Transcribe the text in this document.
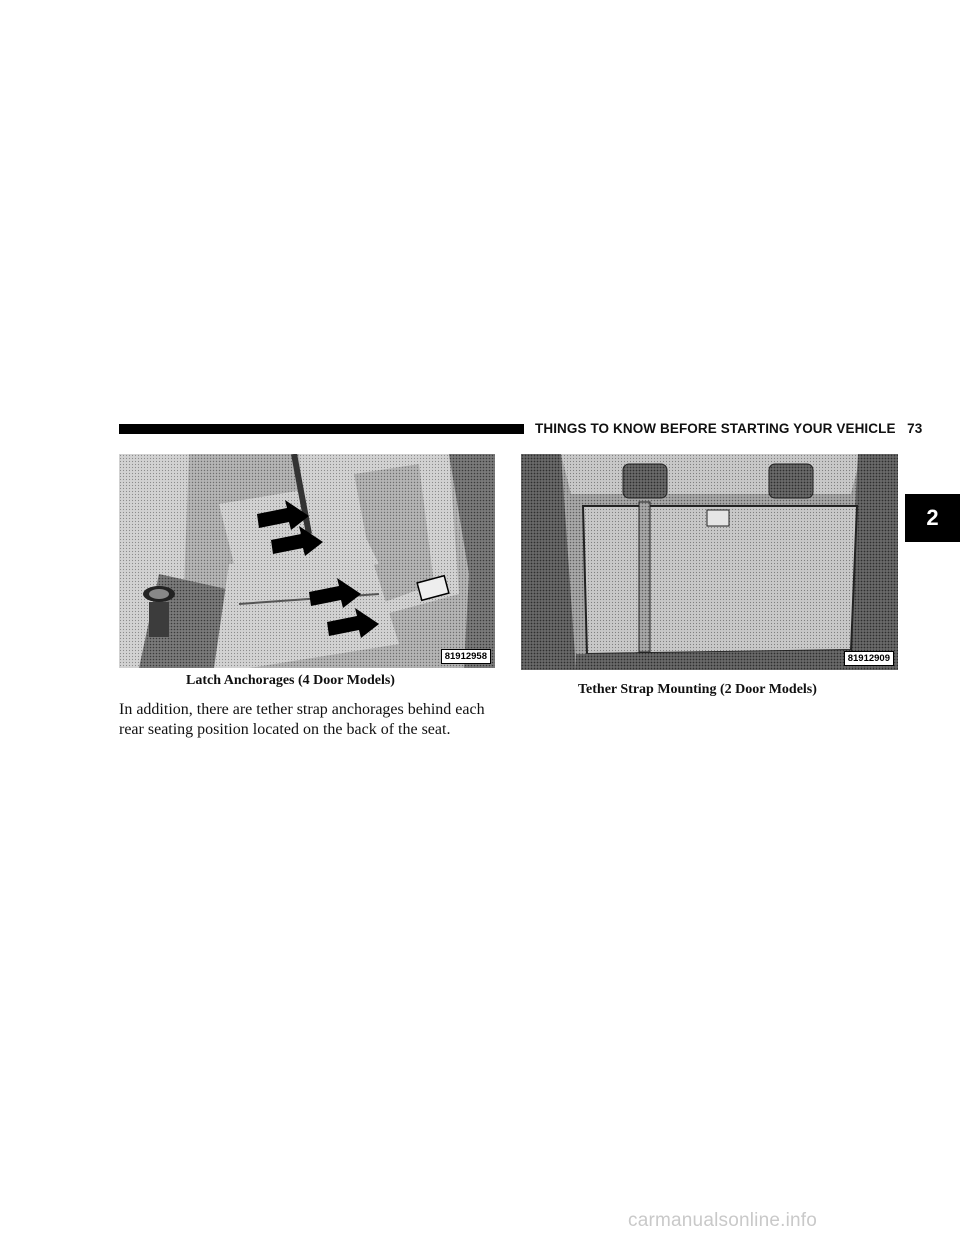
THINGS TO KNOW BEFORE STARTING YOUR VEHICLE 73
2
81912958
Latch Anchorages (4 Door Models)
81912909
Tether Strap Mounting (2 Door Models)
In addition, there are tether strap anchorages behind each
rear seating position located on the back of the seat.
carmanualsonline.info
